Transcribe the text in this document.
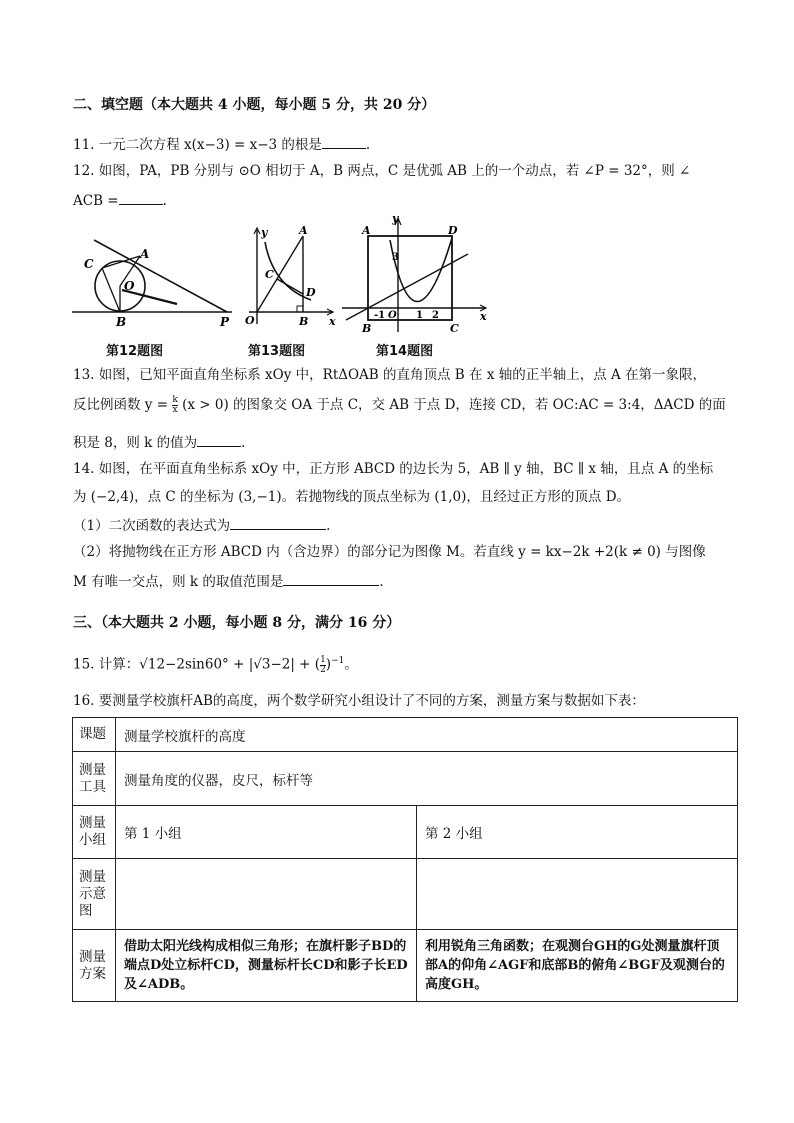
二、填空题（本大题共 4 小题，每小题 5 分，共 20 分）
11. 一元二次方程 x(x−3) = x−3 的根是	.
12. 如图，PA，PB 分别与 ⊙O 相切于 A，B 两点，C 是优弧 AB 上的一个动点，若 ∠P = 32°，则 ∠
ACB =	.
C
A
O
B	P
第12题图
y	A
C
D
O	B x
第13题图
A
y
D
3
O 1 2
B	C
x
-1
第14题图
13. 如图，已知平面直角坐标系 xOy 中，RtΔOAB 的直角顶点 B 在 x 轴的正半轴上，点 A 在第一象限，
反比例函数 $y = \frac{k}{x} (x > 0)$ 的图象交 OA 于点 C，交 AB 于点 D，连接 CD，若 OC:AC = 3:4，ΔACD 的面
积是 8，则 k 的值为	.
14. 如图，在平面直角坐标系 xOy 中，正方形 ABCD 的边长为 5，AB ∥ y 轴，BC ∥ x 轴，且点 A 的坐标
为 (−2,4)，点 C 的坐标为 (3,−1)。若抛物线的顶点坐标为 (1,0)，且经过正方形的顶点 D。
（1）二次函数的表达式为	.
（2）将抛物线在正方形 ABCD 内（含边界）的部分记为图像 M。若直线 y = kx−2k +2(k ≠ 0) 与图像
M 有唯一交点，则 k 的取值范围是	.
三、（本大题共 2 小题，每小题 8 分，满分 16 分）
15. 计算：√12−2sin60° + |√3−2| + ( $\frac{1}{2} )^{-1}$。
16. 要测量学校旗杆AB的高度，两个数学研究小组设计了不同的方案，测量方案与数据如下表：
课题	测量学校旗杆的高度	
测量工具	测量角度的仪器，皮尺，标杆等	
测量小组	第 1 小组	第 2 小组
测量示意图		
测量方案	借助太阳光线构成相似三角形；在旗杆影子BD的端点D处立标杆CD，测量标杆长CD和影子长ED及∠ADB。	利用锐角三角函数；在观测台GH的G处测量旗杆顶部A的仰角∠AGF和底部B的俯角∠BGF及观测台的高度GH。
